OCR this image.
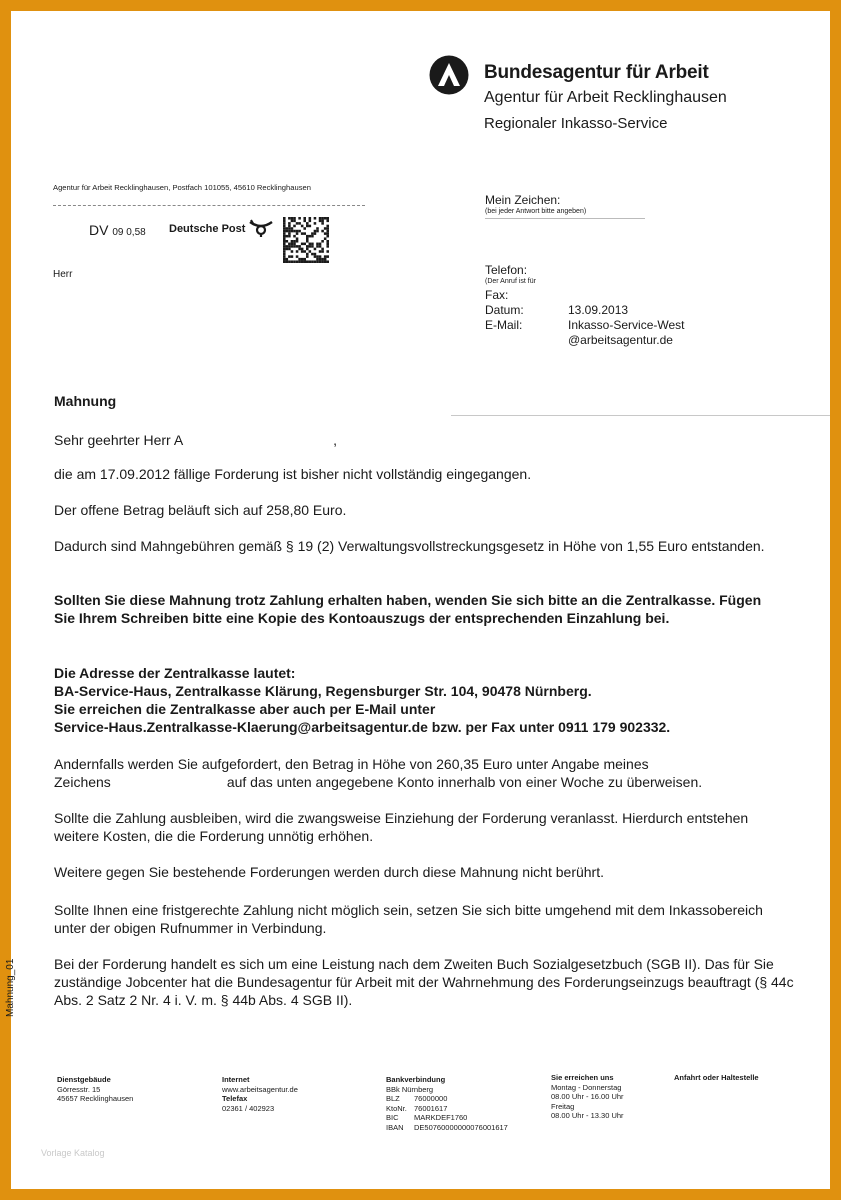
Bundesagentur für Arbeit
Agentur für Arbeit Recklinghausen
Regionaler Inkasso-Service
Agentur für Arbeit Recklinghausen, Postfach 101055, 45610 Recklinghausen
DV 09 0,58 Deutsche Post
Herr
Mein Zeichen:
(bei jeder Antwort bitte angeben)
Telefon:
(Der Anruf ist für
Fax:
Datum:	13.09.2013
E-Mail:	Inkasso-Service-West
@arbeitsagentur.de
Mahnung
Sehr geehrter Herr A	,
die am 17.09.2012 fällige Forderung ist bisher nicht vollständig eingegangen.
Der offene Betrag beläuft sich auf 258,80 Euro.
Dadurch sind Mahngebühren gemäß § 19 (2) Verwaltungsvollstreckungsgesetz in Höhe von 1,55 Euro entstanden.
Sollten Sie diese Mahnung trotz Zahlung erhalten haben, wenden Sie sich bitte an die Zentralkasse. Fügen Sie Ihrem Schreiben bitte eine Kopie des Kontoauszugs der entsprechenden Einzahlung bei.
Die Adresse der Zentralkasse lautet:
BA-Service-Haus, Zentralkasse Klärung, Regensburger Str. 104, 90478 Nürnberg.
Sie erreichen die Zentralkasse aber auch per E-Mail unter
Service-Haus.Zentralkasse-Klaerung@arbeitsagentur.de bzw. per Fax unter 0911 179 902332.
Andernfalls werden Sie aufgefordert, den Betrag in Höhe von 260,35 Euro unter Angabe meines
Zeichens	auf das unten angegebene Konto innerhalb von einer Woche zu überweisen.
Sollte die Zahlung ausbleiben, wird die zwangsweise Einziehung der Forderung veranlasst. Hierdurch entstehen weitere Kosten, die die Forderung unnötig erhöhen.
Weitere gegen Sie bestehende Forderungen werden durch diese Mahnung nicht berührt.
Sollte Ihnen eine fristgerechte Zahlung nicht möglich sein, setzen Sie sich bitte umgehend mit dem Inkassobereich unter der obigen Rufnummer in Verbindung.
Bei der Forderung handelt es sich um eine Leistung nach dem Zweiten Buch Sozialgesetzbuch (SGB II). Das für Sie zuständige Jobcenter hat die Bundesagentur für Arbeit mit der Wahrnehmung des Forderungseinzugs beauftragt (§ 44c Abs. 2 Satz 2 Nr. 4 i. V. m. § 44b Abs. 4 SGB II).
Mahnung_01
Dienstgebäude
Görresstr. 15
45657 Recklinghausen
Internet
www.arbeitsagentur.de
Telefax
02361 / 402923
Bankverbindung
BBk Nürnberg
BLZ 76000000
KtoNr. 76001617
BIC MARKDEF1760
IBAN DE50760000000076001617
Sie erreichen uns
Montag - Donnerstag
08.00 Uhr - 16.00 Uhr
Freitag
08.00 Uhr - 13.30 Uhr
Anfahrt oder Haltestelle
Vorlage Katalog
